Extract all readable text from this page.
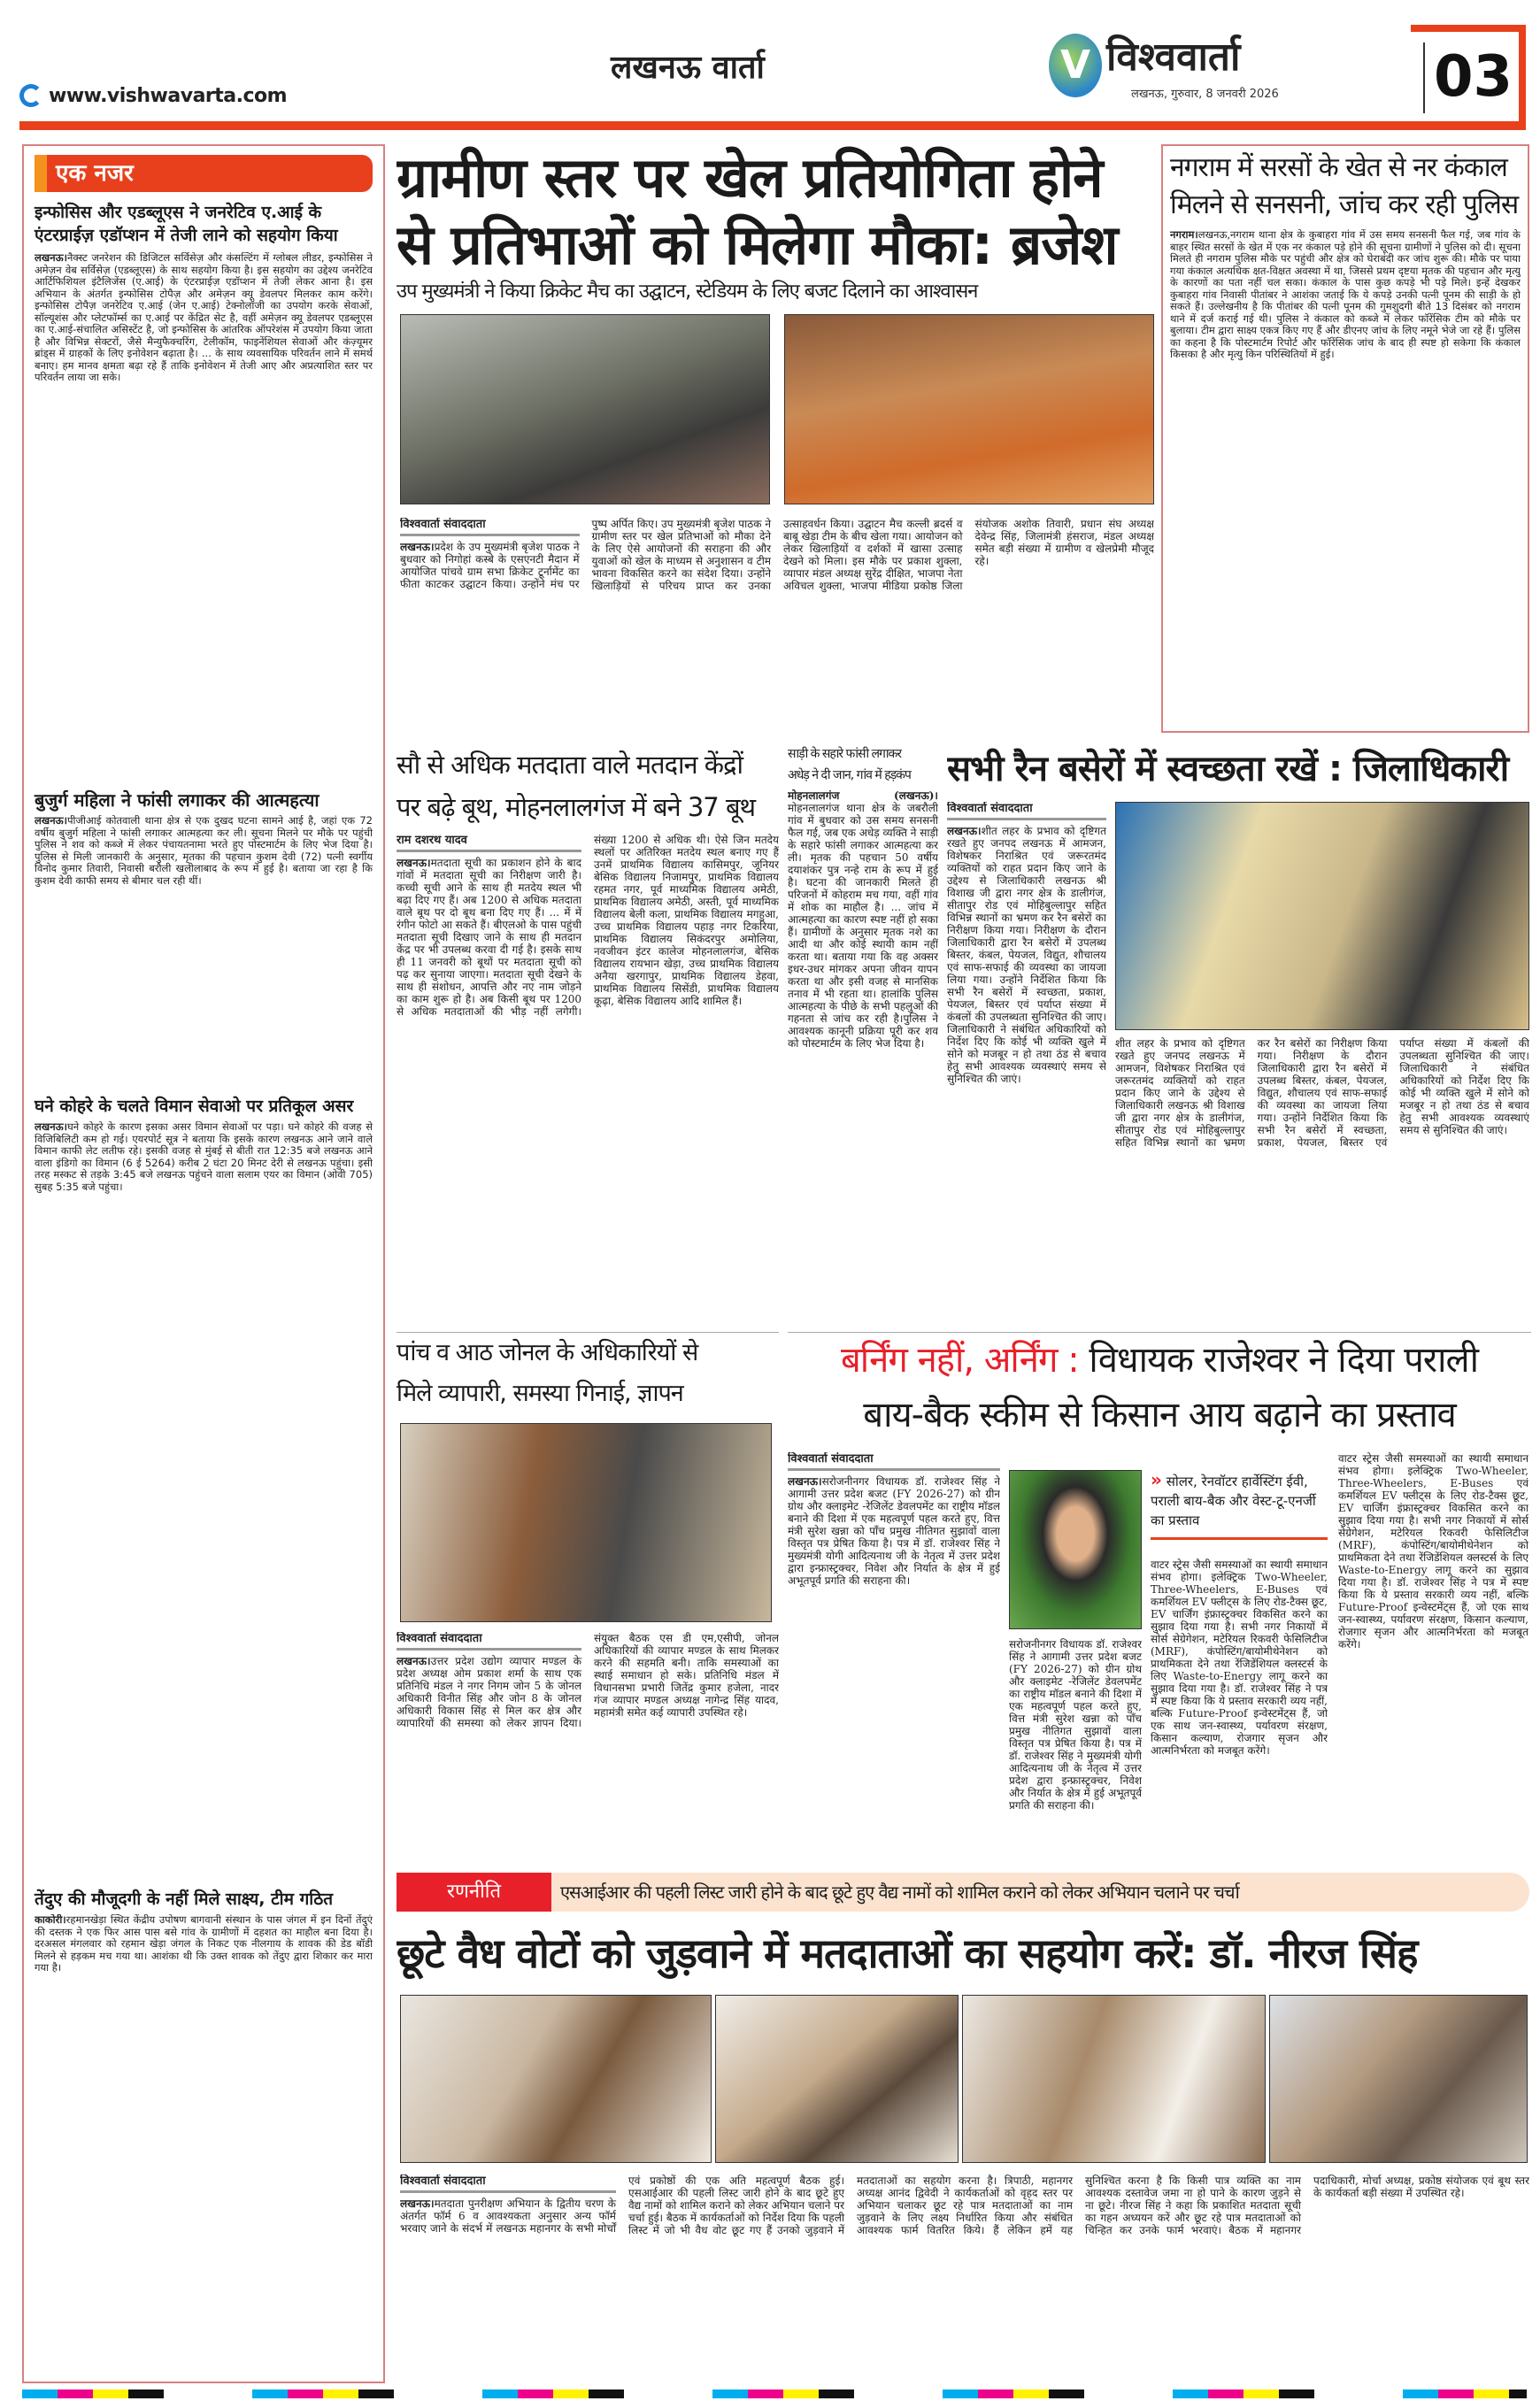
www.vishwavarta.com
लखनऊ वार्ता	V विश्ववार्ता
लखनऊ, गुरुवार, 8 जनवरी 2026	03
एक नजर
इन्फोसिस और एडब्लूएस ने जनरेटिव ए.आई के एंटरप्राईज़ एडॉप्शन में तेजी लाने को सहयोग किया
लखनऊ।नैक्स्ट जनरेशन की डिजिटल सर्विसेज़ और कंसल्टिंग में ग्लोबल लीडर, इन्फोसिस ने अमेज़न वेब सर्विसेज़ (एडब्लूएस) के साथ सहयोग किया है। इस सहयोग का उद्देश्य जनरेटिव आर्टिफिशियल इंटैलिजेंस (ए.आई) के एंटरप्राईज़ एडॉप्शन में तेजी लेकर आना है। इस अभियान के अंतर्गत इन्फोसिस टोपैज़ और अमेज़न क्यू डेवलपर मिलकर काम करेंगे। इन्फोसिस टोपैज़ जनरेटिव ए.आई (जेन ए.आई) टेक्नोलॉजी का उपयोग करके सेवाओं, सॉल्यूशंस और प्लेटफॉर्म्स का ए.आई पर केंद्रित सेट है, वहीं अमेज़न क्यू डेवलपर एडब्लूएस का ए.आई-संचालित असिस्टेंट है, जो इन्फोसिस के आंतरिक ऑपरेशंस में उपयोग किया जाता है और विभिन्न सेक्टरों, जैसे मैन्युफैक्चरिंग, टेलीकॉम, फाइनेंशियल सेवाओं और कंज़्यूमर ब्रांड्स में ग्राहकों के लिए इनोवेशन बढ़ाता है। ... के साथ व्यवसायिक परिवर्तन लाने में समर्थ बनाए। हम मानव क्षमता बढ़ा रहे हैं ताकि इनोवेशन में तेजी आए और अप्रत्याशित स्तर पर परिवर्तन लाया जा सके।
बुजुर्ग महिला ने फांसी लगाकर की आत्महत्या
लखनऊ।पीजीआई कोतवाली थाना क्षेत्र से एक दुखद घटना सामने आई है, जहां एक 72 वर्षीय बुजुर्ग महिला ने फांसी लगाकर आत्महत्या कर ली। सूचना मिलने पर मौके पर पहुंची पुलिस ने शव को कब्जे में लेकर पंचायतनामा भरते हुए पोस्टमार्टम के लिए भेज दिया है। पुलिस से मिली जानकारी के अनुसार, मृतका की पहचान कुशम देवी (72) पत्नी स्वर्गीय विनोद कुमार तिवारी, निवासी बरौली खलीलाबाद के रूप में हुई है। बताया जा रहा है कि कुशम देवी काफी समय से बीमार चल रही थीं।
घने कोहरे के चलते विमान सेवाओ पर प्रतिकूल असर
लखनऊ।घने कोहरे के कारण इसका असर विमान सेवाओं पर पड़ा। घने कोहरे की वजह से विजिबिलिटी कम हो गई। एयरपोर्ट सूत्र ने बताया कि इसके कारण लखनऊ आने जाने वाले विमान काफी लेट लतीफ रहे। इसकी वजह से मुंबई से बीती रात 12:35 बजे लखनऊ आने वाला इंडिगो का विमान (6 ई 5264) करीब 2 घंटा 20 मिनट देरी से लखनऊ पहुंचा। इसी तरह मस्कट से तड़के 3:45 बजे लखनऊ पहुंचने वाला सलाम एयर का विमान (ओवी 705) सुबह 5:35 बजे पहुंचा।
तेंदुए की मौजूदगी के नहीं मिले साक्ष्य, टीम गठित
काकोरी।रहमानखेड़ा स्थित केंद्रीय उपोषण बागवानी संस्थान के पास जंगल में इन दिनों तेंदुएं की दस्तक ने एक फिर आस पास बसे गांव के ग्रामीणों में दहशत का माहौल बना दिया है। दरअसल मंगलवार को रहमान खेड़ा जंगल के निकट एक नीलगाय के शावक की डेड बॉडी मिलने से हड़कम मच गया था। आशंका थी कि उक्त शावक को तेंदुए द्वारा शिकार कर मारा गया है।
ग्रामीण स्तर पर खेल प्रतियोगिता होने
से प्रतिभाओं को मिलेगा मौका: ब्रजेश
उप मुख्यमंत्री ने किया क्रिकेट मैच का उद्घाटन, स्टेडियम के लिए बजट दिलाने का आश्वासन
विश्ववार्ता संवाददाता लखनऊ।प्रदेश के उप मुख्यमंत्री बृजेश पाठक ने बुधवार को निगोहां कस्बे के एसएनटी मैदान में आयोजित पांचवे ग्राम सभा क्रिकेट टूर्नामेंट का फीता काटकर उद्घाटन किया। उन्होंने मंच पर पुष्प अर्पित किए। उप मुख्यमंत्री बृजेश पाठक ने ग्रामीण स्तर पर खेल प्रतिभाओं को मौका देने के लिए ऐसे आयोजनों की सराहना की और युवाओं को खेल के माध्यम से अनुशासन व टीम भावना विकसित करने का संदेश दिया। उन्होंने खिलाड़ियों से परिचय प्राप्त कर उनका उत्साहवर्धन किया। उद्घाटन मैच कल्ली ब्रदर्स व बाबू खेड़ा टीम के बीच खेला गया। आयोजन को लेकर खिलाड़ियों व दर्शकों में खासा उत्साह देखने को मिला। इस मौके पर प्रकाश शुक्ला, व्यापार मंडल अध्यक्ष सुरेंद्र दीक्षित, भाजपा नेता अविचल शुक्ला, भाजपा मीडिया प्रकोष्ठ जिला संयोजक अशोक तिवारी, प्रधान संघ अध्यक्ष देवेन्द्र सिंह, जिलामंत्री हंसराज, मंडल अध्यक्ष समेत बड़ी संख्या में ग्रामीण व खेलप्रेमी मौजूद रहे।
नगराम में सरसों के खेत से नर कंकाल
मिलने से सनसनी, जांच कर रही पुलिस
नगराम।लखनऊ,नगराम थाना क्षेत्र के कुबाहरा गांव में उस समय सनसनी फैल गई, जब गांव के बाहर स्थित सरसों के खेत में एक नर कंकाल पड़े होने की सूचना ग्रामीणों ने पुलिस को दी। सूचना मिलते ही नगराम पुलिस मौके पर पहुंची और क्षेत्र को घेराबंदी कर जांच शुरू की। मौके पर पाया गया कंकाल अत्यधिक क्षत-विक्षत अवस्था में था, जिससे प्रथम दृष्टया मृतक की पहचान और मृत्यु के कारणों का पता नहीं चल सका। कंकाल के पास कुछ कपड़े भी पड़े मिले। इन्हें देखकर कुबाहरा गांव निवासी पीतांबर ने आशंका जताई कि ये कपड़े उनकी पत्नी पूनम की साड़ी के हो सकते हैं। उल्लेखनीय है कि पीतांबर की पत्नी पूनम की गुमशुदगी बीते 13 दिसंबर को नगराम थाने में दर्ज कराई गई थी। पुलिस ने कंकाल को कब्जे में लेकर फॉरेंसिक टीम को मौके पर बुलाया। टीम द्वारा साक्ष्य एकत्र किए गए हैं और डीएनए जांच के लिए नमूने भेजे जा रहे हैं। पुलिस का कहना है कि पोस्टमार्टम रिपोर्ट और फॉरेंसिक जांच के बाद ही स्पष्ट हो सकेगा कि कंकाल किसका है और मृत्यु किन परिस्थितियों में हुई।
सौ से अधिक मतदाता वाले मतदान केंद्रों
पर बढ़े बूथ, मोहनलालगंज में बने 37 बूथ
राम दशरथ यादव लखनऊ।मतदाता सूची का प्रकाशन होने के बाद गांवों में मतदाता सूची का निरीक्षण जारी है। कच्ची सूची आने के साथ ही मतदेय स्थल भी बढ़ा दिए गए हैं। अब 1200 से अधिक मतदाता वाले बूथ पर दो बूथ बना दिए गए हैं। ... में में रंगीन फोटो आ सकते हैं। बीएलओ के पास पहुंची मतदाता सूची दिखाए जाने के साथ ही मतदान केंद्र पर भी उपलब्ध करवा दी गई है। इसके साथ ही 11 जनवरी को बूथों पर मतदाता सूची को पढ़ कर सुनाया जाएगा। मतदाता सूची देखने के साथ ही संशोधन, आपत्ति और नए नाम जोड़ने का काम शुरू हो है। अब किसी बूथ पर 1200 से अधिक मतदाताओं की भीड़ नहीं लगेगी। संख्या 1200 से अधिक थी। ऐसे जिन मतदेय स्थलों पर अतिरिक्त मतदेय स्थल बनाए गए हैं उनमें प्राथमिक विद्यालय कासिमपुर, जूनियर बेसिक विद्यालय निजामपुर, प्राथमिक विद्यालय रहमत नगर, पूर्व माध्यमिक विद्यालय अमेठी, प्राथमिक विद्यालय अमेठी, अस्ती, पूर्व माध्यमिक विद्यालय बेली कला, प्राथमिक विद्यालय मगहुआ, उच्च प्राथमिक विद्यालय पहाड़ नगर टिकरिया, प्राथमिक विद्यालय सिकंदरपुर अमोलिया, नवजीवन इंटर कालेज मोहनलालगंज, बेसिक विद्यालय रायभान खेड़ा, उच्च प्राथमिक विद्यालय अनैया खरगापुर, प्राथमिक विद्यालय डेहवा, प्राथमिक विद्यालय सिसेंडी, प्राथमिक विद्यालय कूढ़ा, बेसिक विद्यालय आदि शामिल हैं।
साड़ी के सहारे फांसी लगाकर
अधेड़ ने दी जान, गांव में हड़कंप
मोहनलालगंज (लखनऊ)। मोहनलालगंज थाना क्षेत्र के जबरौली गांव में बुधवार को उस समय सनसनी फैल गई, जब एक अधेड़ व्यक्ति ने साड़ी के सहारे फांसी लगाकर आत्महत्या कर ली। मृतक की पहचान 50 वर्षीय दयाशंकर पुत्र नन्हे राम के रूप में हुई है। घटना की जानकारी मिलते ही परिजनों में कोहराम मच गया, वहीं गांव में शोक का माहौल है। ... जांच में आत्महत्या का कारण स्पष्ट नहीं हो सका हैं। ग्रामीणों के अनुसार मृतक नशे का आदी था और कोई स्थायी काम नहीं करता था। बताया गया कि वह अक्सर इधर-उधर मांगकर अपना जीवन यापन करता था और इसी वजह से मानसिक तनाव में भी रहता था। हालांकि पुलिस आत्महत्या के पीछे के सभी पहलुओं की गहनता से जांच कर रही है।पुलिस ने आवश्यक कानूनी प्रक्रिया पूरी कर शव को पोस्टमार्टम के लिए भेज दिया है।
सभी रैन बसेरों में स्वच्छता रखें : जिलाधिकारी
विश्ववार्ता संवाददाता लखनऊ।शीत लहर के प्रभाव को दृष्टिगत रखते हुए जनपद लखनऊ में आमजन, विशेषकर निराश्रित एवं जरूरतमंद व्यक्तियों को राहत प्रदान किए जाने के उद्देश्य से जिलाधिकारी लखनऊ श्री विशाख जी द्वारा नगर क्षेत्र के डालीगंज, सीतापुर रोड एवं मोहिबुल्लापुर सहित विभिन्न स्थानों का भ्रमण कर रैन बसेरों का निरीक्षण किया गया। निरीक्षण के दौरान जिलाधिकारी द्वारा रैन बसेरों में उपलब्ध बिस्तर, कंबल, पेयजल, विद्युत, शौचालय एवं साफ-सफाई की व्यवस्था का जायजा लिया गया। उन्होंने निर्देशित किया कि सभी रैन बसेरों में स्वच्छता, प्रकाश, पेयजल, बिस्तर एवं पर्याप्त संख्या में कंबलों की उपलब्धता सुनिश्चित की जाए। जिलाधिकारी ने संबंधित अधिकारियों को निर्देश दिए कि कोई भी व्यक्ति खुले में सोने को मजबूर न हो तथा ठंड से बचाव हेतु सभी आवश्यक व्यवस्थाएं समय से सुनिश्चित की जाएं।
शीत लहर के प्रभाव को दृष्टिगत रखते हुए जनपद लखनऊ में आमजन, विशेषकर निराश्रित एवं जरूरतमंद व्यक्तियों को राहत प्रदान किए जाने के उद्देश्य से जिलाधिकारी लखनऊ श्री विशाख जी द्वारा नगर क्षेत्र के डालीगंज, सीतापुर रोड एवं मोहिबुल्लापुर सहित विभिन्न स्थानों का भ्रमण कर रैन बसेरों का निरीक्षण किया गया। निरीक्षण के दौरान जिलाधिकारी द्वारा रैन बसेरों में उपलब्ध बिस्तर, कंबल, पेयजल, विद्युत, शौचालय एवं साफ-सफाई की व्यवस्था का जायजा लिया गया। उन्होंने निर्देशित किया कि सभी रैन बसेरों में स्वच्छता, प्रकाश, पेयजल, बिस्तर एवं पर्याप्त संख्या में कंबलों की उपलब्धता सुनिश्चित की जाए। जिलाधिकारी ने संबंधित अधिकारियों को निर्देश दिए कि कोई भी व्यक्ति खुले में सोने को मजबूर न हो तथा ठंड से बचाव हेतु सभी आवश्यक व्यवस्थाएं समय से सुनिश्चित की जाएं।
पांच व आठ जोनल के अधिकारियों से
मिले व्यापारी, समस्या गिनाई, ज्ञापन
विश्ववार्ता संवाददाता लखनऊ।उत्तर प्रदेश उद्योग व्यापार मण्डल के प्रदेश अध्यक्ष ओम प्रकाश शर्मा के साथ एक प्रतिनिधि मंडल ने नगर निगम जोन 5 के जोनल अधिकारी विनीत सिंह और जोन 8 के जोनल अधिकारी विकास सिंह से मिल कर क्षेत्र और व्यापारियों की समस्या को लेकर ज्ञापन दिया। संयुक्त बैठक एस डी एम,एसीपी, जोनल अधिकारियों की व्यापार मण्डल के साथ मिलकर करने की सहमति बनी। ताकि समस्याओं का स्थाई समाधान हो सके। प्रतिनिधि मंडल में विधानसभा प्रभारी जितेंद्र कुमार हजेला, नादर गंज व्यापार मण्डल अध्यक्ष नागेन्द्र सिंह यादव, महामंत्री समेत कई व्यापारी उपस्थित रहे।
बर्निंग नहीं, अर्निंग : विधायक राजेश्वर ने दिया पराली
बाय-बैक स्कीम से किसान आय बढ़ाने का प्रस्ताव
विश्ववार्ता संवाददाता लखनऊ।सरोजनीनगर विधायक डॉ. राजेश्वर सिंह ने आगामी उत्तर प्रदेश बजट (FY 2026-27) को ग्रीन ग्रोथ और क्लाइमेट -रेजिलेंट डेवलपमेंट का राष्ट्रीय मॉडल बनाने की दिशा में एक महत्वपूर्ण पहल करते हुए, वित्त मंत्री सुरेश खन्ना को पाँच प्रमुख नीतिगत सुझावों वाला विस्तृत पत्र प्रेषित किया है। पत्र में डॉ. राजेश्वर सिंह ने मुख्यमंत्री योगी आदित्यनाथ जी के नेतृत्व में उत्तर प्रदेश द्वारा इन्फ्रास्ट्रक्चर, निवेश और निर्यात के क्षेत्र में हुई अभूतपूर्व प्रगति की सराहना की।
सरोजनीनगर विधायक डॉ. राजेश्वर सिंह ने आगामी उत्तर प्रदेश बजट (FY 2026-27) को ग्रीन ग्रोथ और क्लाइमेट -रेजिलेंट डेवलपमेंट का राष्ट्रीय मॉडल बनाने की दिशा में एक महत्वपूर्ण पहल करते हुए, वित्त मंत्री सुरेश खन्ना को पाँच प्रमुख नीतिगत सुझावों वाला विस्तृत पत्र प्रेषित किया है। पत्र में डॉ. राजेश्वर सिंह ने मुख्यमंत्री योगी आदित्यनाथ जी के नेतृत्व में उत्तर प्रदेश द्वारा इन्फ्रास्ट्रक्चर, निवेश और निर्यात के क्षेत्र में हुई अभूतपूर्व प्रगति की सराहना की।
» सोलर, रेनवॉटर हार्वेस्टिंग ईवी, पराली बाय-बैक और वेस्ट-टू-एनर्जी का प्रस्ताव
वाटर स्ट्रेस जैसी समस्याओं का स्थायी समाधान संभव होगा। इलेक्ट्रिक Two-Wheeler, Three-Wheelers, E-Buses एवं कमर्शियल EV फ्लीट्स के लिए रोड-टैक्स छूट, EV चार्जिंग इंफ्रास्ट्रक्चर विकसित करने का सुझाव दिया गया है। सभी नगर निकायों में सोर्स सेग्रेगेशन, मटेरियल रिकवरी फेसिलिटीज (MRF), कंपोस्टिंग/बायोमीथेनेशन को प्राथमिकता देने तथा रेंजिडेंशियल क्लस्टर्स के लिए Waste-to-Energy लागू करने का सुझाव दिया गया है। डॉ. राजेश्वर सिंह ने पत्र में स्पष्ट किया कि ये प्रस्ताव सरकारी व्यय नहीं, बल्कि Future-Proof इन्वेस्टमेंट्स हैं, जो एक साथ जन-स्वास्थ्य, पर्यावरण संरक्षण, किसान कल्याण, रोजगार सृजन और आत्मनिर्भरता को मजबूत करेंगे।
वाटर स्ट्रेस जैसी समस्याओं का स्थायी समाधान संभव होगा। इलेक्ट्रिक Two-Wheeler, Three-Wheelers, E-Buses एवं कमर्शियल EV फ्लीट्स के लिए रोड-टैक्स छूट, EV चार्जिंग इंफ्रास्ट्रक्चर विकसित करने का सुझाव दिया गया है। सभी नगर निकायों में सोर्स सेग्रेगेशन, मटेरियल रिकवरी फेसिलिटीज (MRF), कंपोस्टिंग/बायोमीथेनेशन को प्राथमिकता देने तथा रेंजिडेंशियल क्लस्टर्स के लिए Waste-to-Energy लागू करने का सुझाव दिया गया है। डॉ. राजेश्वर सिंह ने पत्र में स्पष्ट किया कि ये प्रस्ताव सरकारी व्यय नहीं, बल्कि Future-Proof इन्वेस्टमेंट्स हैं, जो एक साथ जन-स्वास्थ्य, पर्यावरण संरक्षण, किसान कल्याण, रोजगार सृजन और आत्मनिर्भरता को मजबूत करेंगे।
रणनीति	एसआईआर की पहली लिस्ट जारी होने के बाद छूटे हुए वैद्य नामों को शामिल कराने को लेकर अभियान चलाने पर चर्चा
छूटे वैध वोटों को जुड़वाने में मतदाताओं का सहयोग करें: डॉ. नीरज सिंह
विश्ववार्ता संवाददाता लखनऊ।मतदाता पुनरीक्षण अभियान के द्वितीय चरण के अंतर्गत फॉर्म 6 व आवश्यकता अनुसार अन्य फॉर्म भरवाए जाने के संदर्भ में लखनऊ महानगर के सभी मोर्चों एवं प्रकोष्ठों की एक अति महत्वपूर्ण बैठक हुई। एसआईआर की पहली लिस्ट जारी होने के बाद छूटे हुए वैद्य नामों को शामिल कराने को लेकर अभियान चलाने पर चर्चा हुई। बैठक में कार्यकर्ताओं को निर्देश दिया कि पहली लिस्ट में जो भी वैध वोट छूट गए हैं उनको जुड़वाने में मतदाताओं का सहयोग करना है। त्रिपाठी, महानगर अध्यक्ष आनंद द्विवेदी ने कार्यकर्ताओं को वृहद स्तर पर अभियान चलाकर छूट रहे पात्र मतदाताओं का नाम जुड़वाने के लिए लक्ष्य निर्धारित किया और संबंधित आवश्यक फार्म वितरित किये। हैं लेकिन हमें यह सुनिश्चित करना है कि किसी पात्र व्यक्ति का नाम आवश्यक दस्तावेज जमा ना हो पाने के कारण जुड़ने से ना छूटे। नीरज सिंह ने कहा कि प्रकाशित मतदाता सूची का गहन अध्ययन करें और छूट रहे पात्र मतदाताओं को चिन्हित कर उनके फार्म भरवाएं। बैठक में महानगर पदाधिकारी, मोर्चा अध्यक्ष, प्रकोष्ठ संयोजक एवं बूथ स्तर के कार्यकर्ता बड़ी संख्या में उपस्थित रहे।
